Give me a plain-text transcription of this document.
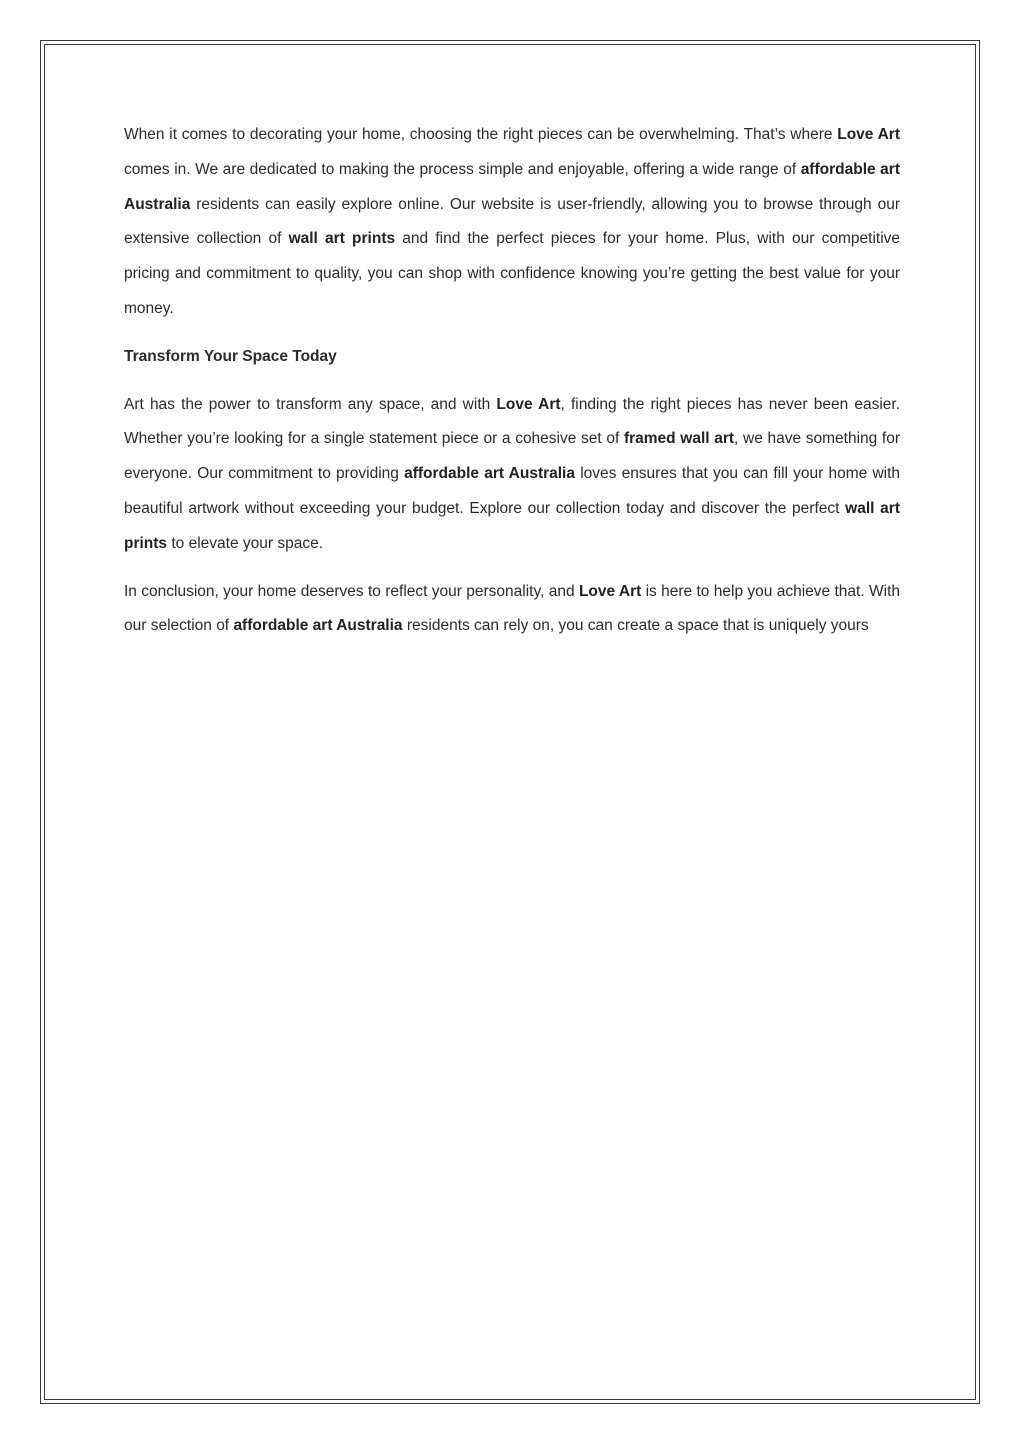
When it comes to decorating your home, choosing the right pieces can be overwhelming. That’s where Love Art comes in. We are dedicated to making the process simple and enjoyable, offering a wide range of affordable art Australia residents can easily explore online. Our website is user-friendly, allowing you to browse through our extensive collection of wall art prints and find the perfect pieces for your home. Plus, with our competitive pricing and commitment to quality, you can shop with confidence knowing you’re getting the best value for your money.

Transform Your Space Today

Art has the power to transform any space, and with Love Art, finding the right pieces has never been easier. Whether you’re looking for a single statement piece or a cohesive set of framed wall art, we have something for everyone. Our commitment to providing affordable art Australia loves ensures that you can fill your home with beautiful artwork without exceeding your budget. Explore our collection today and discover the perfect wall art prints to elevate your space.

In conclusion, your home deserves to reflect your personality, and Love Art is here to help you achieve that. With our selection of affordable art Australia residents can rely on, you can create a space that is uniquely yours
